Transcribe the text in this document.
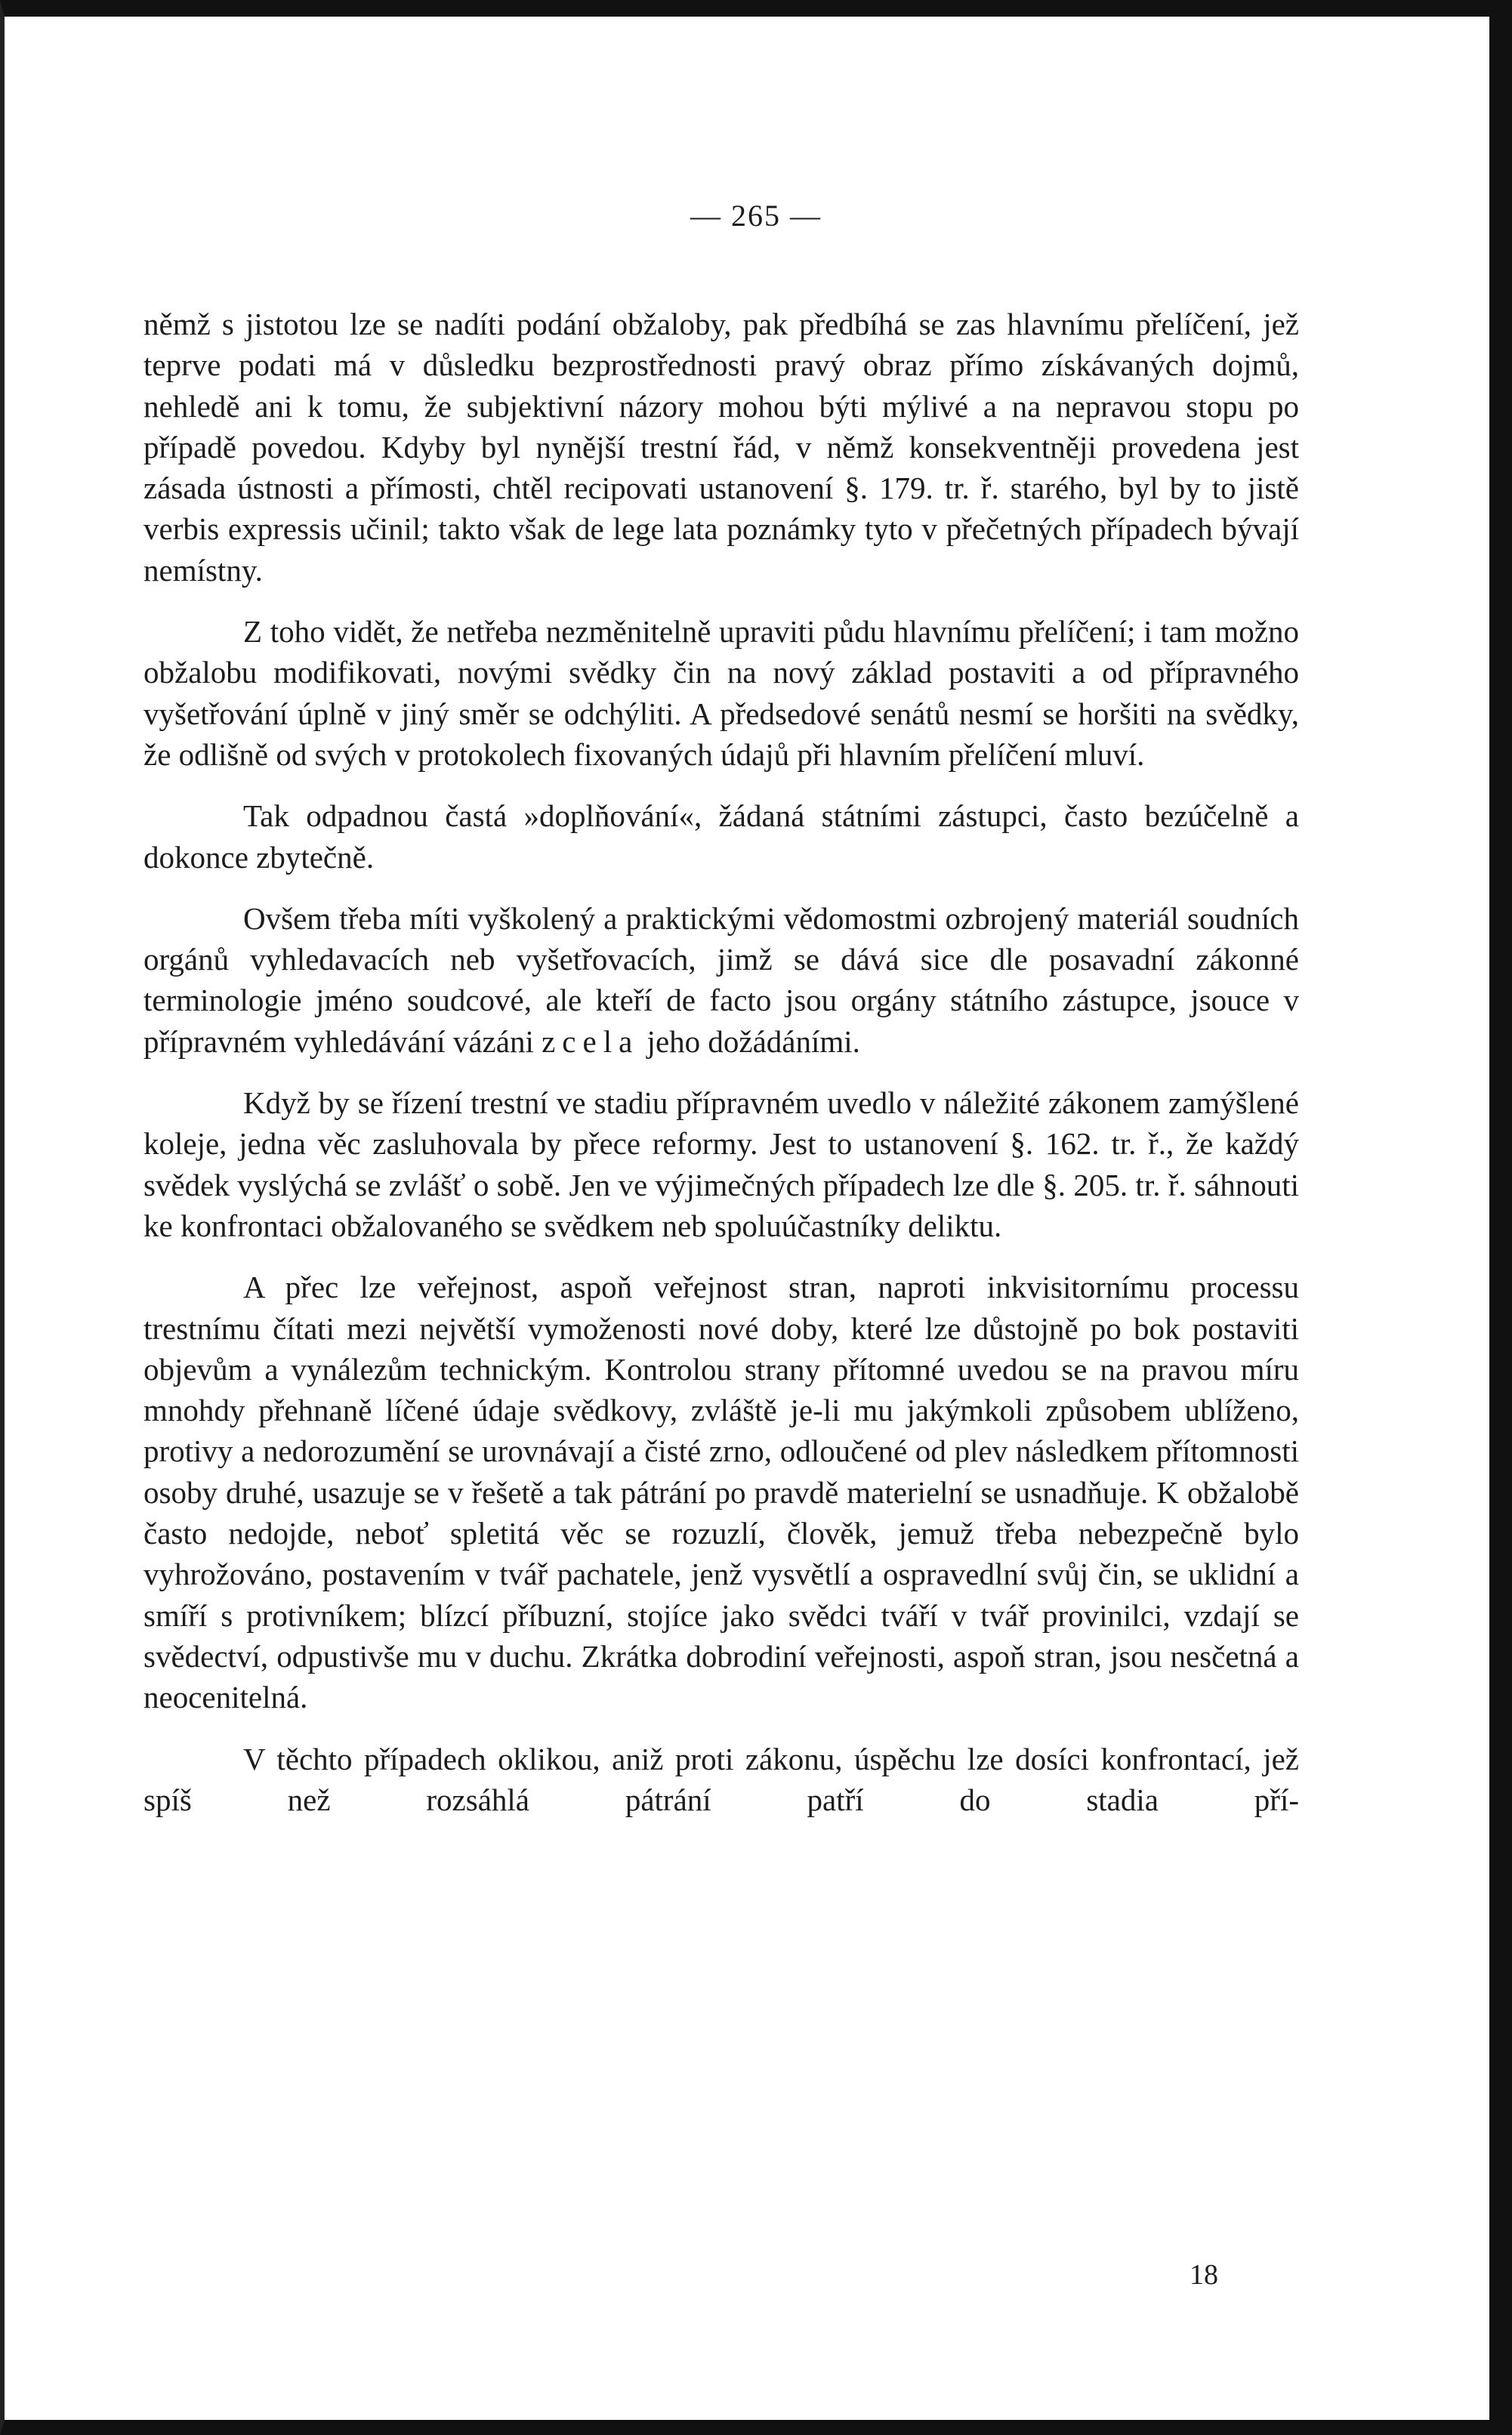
— 265 —

němž s jistotou lze se nadíti podání obžaloby, pak předbíhá se zas hlavnímu přelíčení, jež teprve podati má v důsledku bezprostřednosti pravý obraz přímo získávaných dojmů, nehledě ani k tomu, že subjektivní názory mohou býti mýlivé a na nepravou stopu po případě povedou. Kdyby byl nynější trestní řád, v němž konsekventněji provedena jest zásada ústnosti a přímosti, chtěl recipovati ustanovení §. 179. tr. ř. starého, byl by to jistě verbis expressis učinil; takto však de lege lata poznámky tyto v přečetných případech bývají nemístny.

Z toho vidět, že netřeba nezměnitelně upraviti půdu hlavnímu přelíčení; i tam možno obžalobu modifikovati, novými svědky čin na nový základ postaviti a od přípravného vyšetřování úplně v jiný směr se odchýliti. A předsedové senátů nesmí se horšiti na svědky, že odlišně od svých v protokolech fixovaných údajů při hlavním přelíčení mluví.

Tak odpadnou častá »doplňování«, žádaná státními zástupci, často bezúčelně a dokonce zbytečně.

Ovšem třeba míti vyškolený a praktickými vědomostmi ozbrojený materiál soudních orgánů vyhledavacích neb vyšetřovacích, jimž se dává sice dle posavadní zákonné terminologie jméno soudcové, ale kteří de facto jsou orgány státního zástupce, jsouce v přípravném vyhledávání vázáni zcela jeho dožádáními.

Když by se řízení trestní ve stadiu přípravném uvedlo v náležité zákonem zamýšlené koleje, jedna věc zasluhovala by přece reformy. Jest to ustanovení §. 162. tr. ř., že každý svědek vyslýchá se zvlášť o sobě. Jen ve výjimečných případech lze dle §. 205. tr. ř. sáhnouti ke konfrontaci obžalovaného se svědkem neb spoluúčastníky deliktu.

A přec lze veřejnost, aspoň veřejnost stran, naproti inkvisitornímu processu trestnímu čítati mezi největší vymoženosti nové doby, které lze důstojně po bok postaviti objevům a vynálezům technickým. Kontrolou strany přítomné uvedou se na pravou míru mnohdy přehnaně líčené údaje svědkovy, zvláště je-li mu jakýmkoli způsobem ublíženo, protivy a nedorozumění se urovnávají a čisté zrno, odloučené od plev následkem přítomnosti osoby druhé, usazuje se v řešetě a tak pátrání po pravdě materielní se usnadňuje. K obžalobě často nedojde, neboť spletitá věc se rozuzlí, člověk, jemuž třeba nebezpečně bylo vyhrožováno, postavením v tvář pachatele, jenž vysvětlí a ospravedlní svůj čin, se uklidní a smíří s protivníkem; blízcí příbuzní, stojíce jako svědci tváří v tvář provinilci, vzdají se svědectví, odpustivše mu v duchu. Zkrátka dobrodiní veřejnosti, aspoň stran, jsou nesčetná a neocenitelná.

V těchto případech oklikou, aniž proti zákonu, úspěchu lze dosíci konfrontací, jež spíš než rozsáhlá pátrání patří do stadia pří-

18
